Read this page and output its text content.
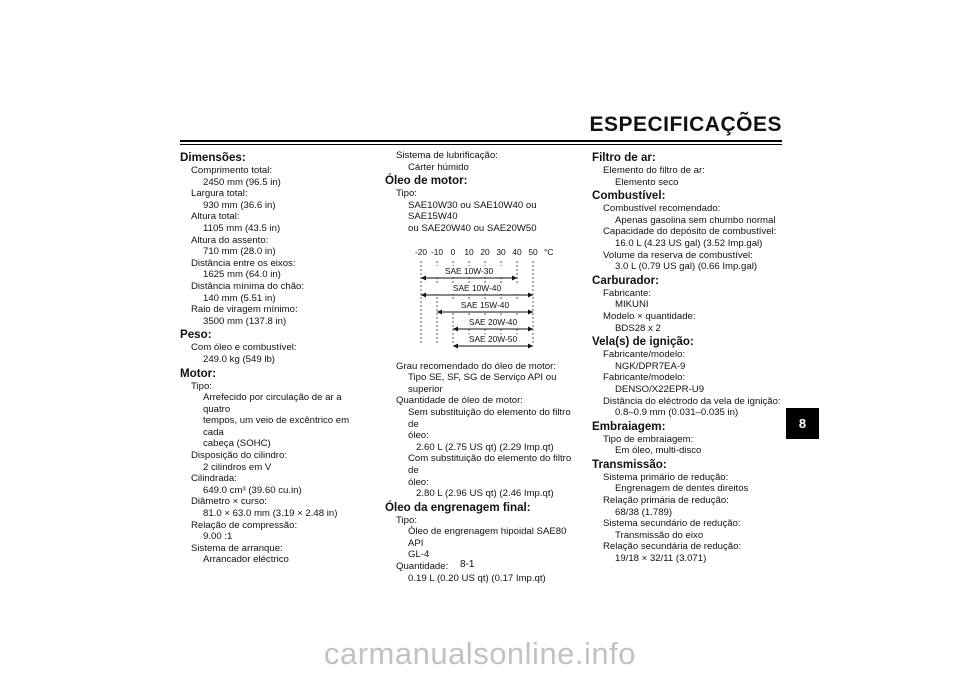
ESPECIFICAÇÕES
Dimensões:
Comprimento total:
2450 mm (96.5 in)
Largura total:
930 mm (36.6 in)
Altura total:
1105 mm (43.5 in)
Altura do assento:
710 mm (28.0 in)
Distância entre os eixos:
1625 mm (64.0 in)
Distância mínima do chão:
140 mm (5.51 in)
Raio de viragem mínimo:
3500 mm (137.8 in)
Peso:
Com óleo e combustível:
249.0 kg (549 lb)
Motor:
Tipo:
Arrefecido por circulação de ar a quatro
tempos, um veio de excêntrico em cada
cabeça (SOHC)
Disposição do cilindro:
2 cilindros em V
Cilindrada:
649.0 cm³ (39.60 cu.in)
Diâmetro × curso:
81.0 × 63.0 mm (3.19 × 2.48 in)
Relação de compressão:
9.00 :1
Sistema de arranque:
Arrancador eléctrico
Sistema de lubrificação:
Cárter húmido
Óleo de motor:
Tipo:
SAE10W30 ou SAE10W40 ou SAE15W40
ou SAE20W40 ou SAE20W50
-20 -10 0 10 20 30 40 50 °C
SAE 10W-30
SAE 10W-40
SAE 15W-40
SAE 20W-40
SAE 20W-50
Grau recomendado do óleo de motor:
Tipo SE, SF, SG de Serviço API ou
superior
Quantidade de óleo de motor:
Sem substituição do elemento do filtro de
óleo:
2.60 L (2.75 US qt) (2.29 Imp.qt)
Com substituição do elemento do filtro de
óleo:
2.80 L (2.96 US qt) (2.46 Imp.qt)
Óleo da engrenagem final:
Tipo:
Óleo de engrenagem hipoidal SAE80 API
GL-4
Quantidade:
0.19 L (0.20 US qt) (0.17 Imp.qt)
Filtro de ar:
Elemento do filtro de ar:
Elemento seco
Combustível:
Combustível recomendado:
Apenas gasolina sem chumbo normal
Capacidade do depósito de combustível:
16.0 L (4.23 US gal) (3.52 Imp.gal)
Volume da reserva de combustível:
3.0 L (0.79 US gal) (0.66 Imp.gal)
Carburador:
Fabricante:
MIKUNI
Modelo × quantidade:
BDS28 x 2
Vela(s) de ignição:
Fabricante/modelo:
NGK/DPR7EA-9
Fabricante/modelo:
DENSO/X22EPR-U9
Distância do eléctrodo da vela de ignição:
0.8–0.9 mm (0.031–0.035 in)
Embraiagem:
Tipo de embraiagem:
Em óleo, multi-disco
Transmissão:
Sistema primário de redução:
Engrenagem de dentes direitos
Relação primária de redução:
68/38 (1.789)
Sistema secundário de redução:
Transmissão do eixo
Relação secundária de redução:
19/18 × 32/11 (3.071)
8
8-1
carmanualsonline.info
